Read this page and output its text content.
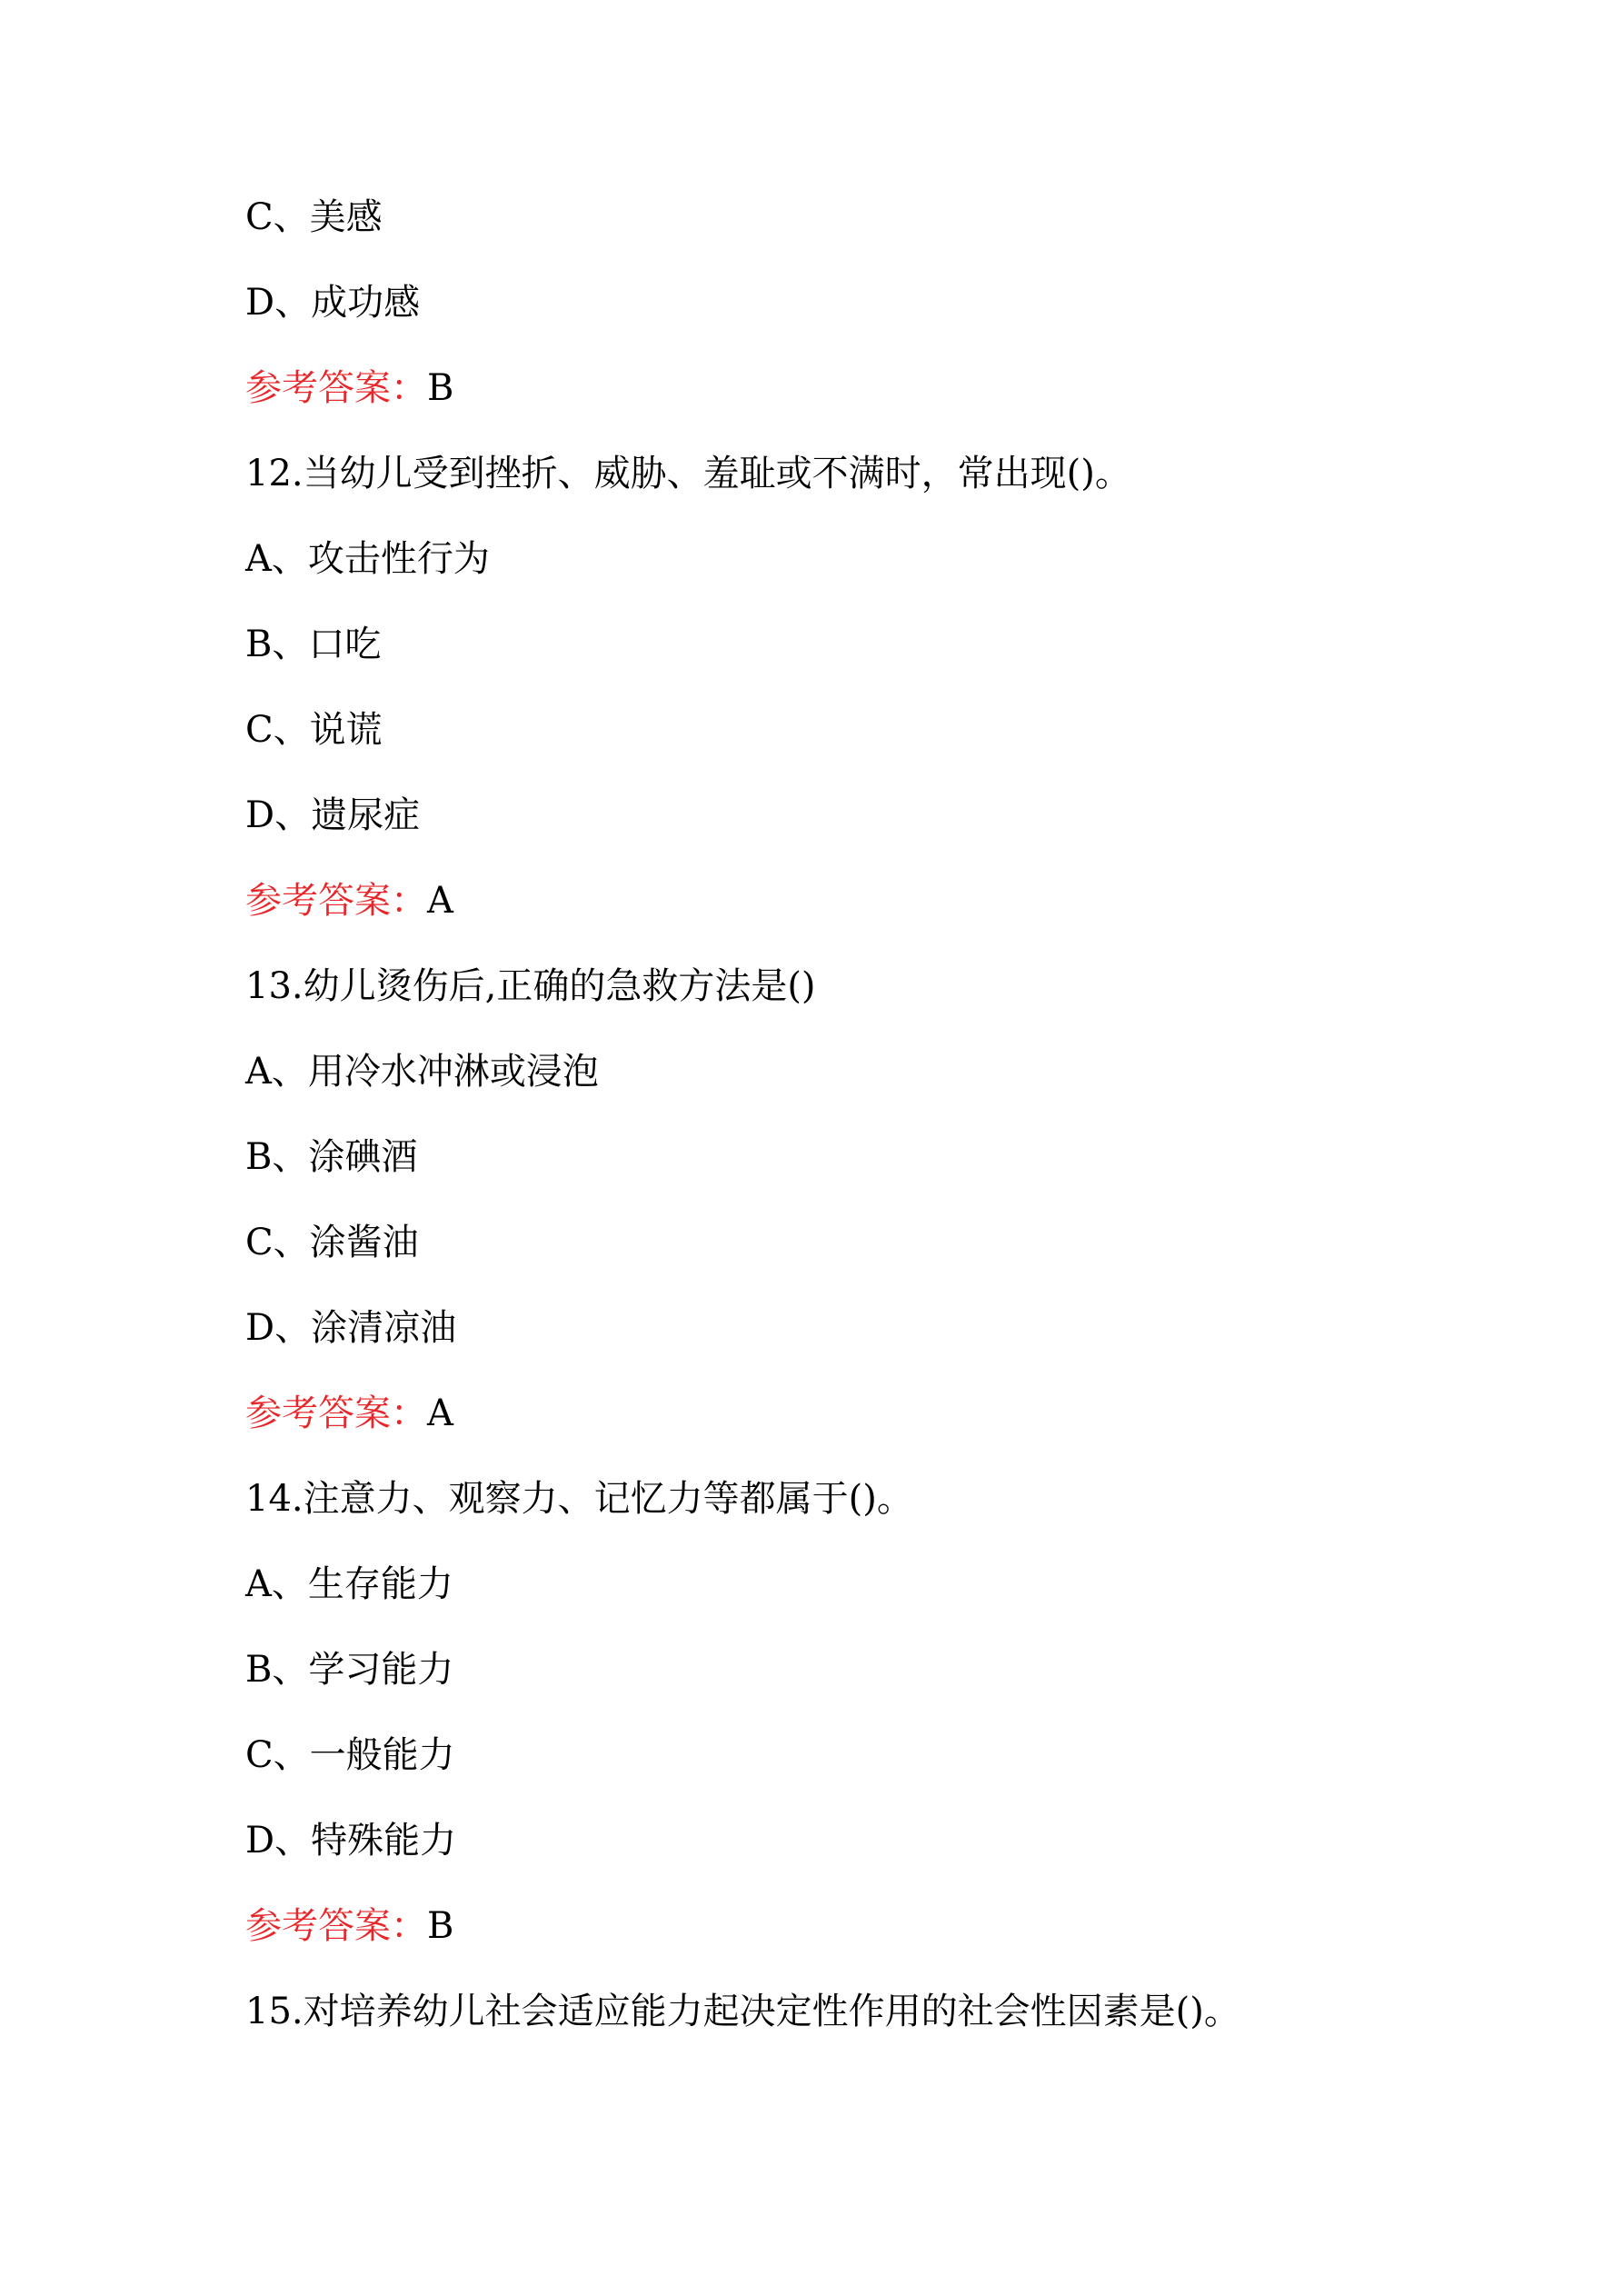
C、美感
D、成功感
参考答案：B
12.当幼儿受到挫折、威胁、羞耻或不满时，常出现()。
A、攻击性行为
B、口吃
C、说谎
D、遗尿症
参考答案：A
13.幼儿烫伤后,正确的急救方法是()
A、用冷水冲淋或浸泡
B、涂碘酒
C、涂酱油
D、涂清凉油
参考答案：A
14.注意力、观察力、记忆力等都属于()。
A、生存能力
B、学习能力
C、一般能力
D、特殊能力
参考答案：B
15.对培养幼儿社会适应能力起决定性作用的社会性因素是()。
